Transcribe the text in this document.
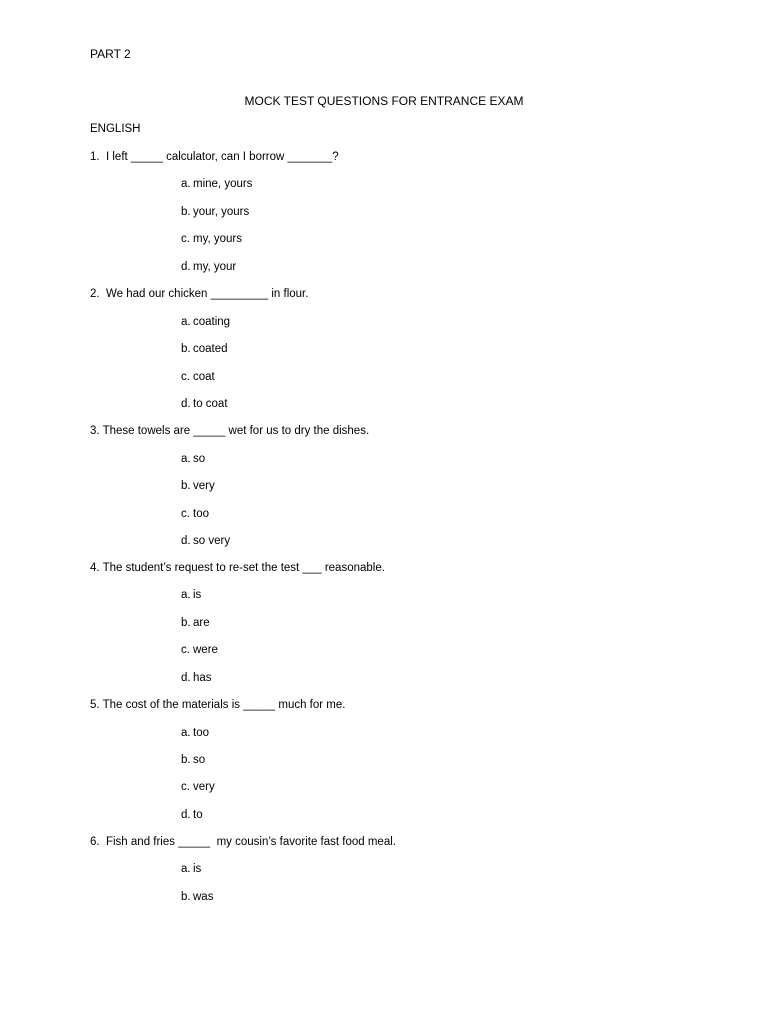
PART 2
MOCK TEST QUESTIONS FOR ENTRANCE EXAM
ENGLISH
1.  I left _____ calculator, can I borrow _______?
a. mine, yours
b. your, yours
c. my, yours
d. my, your
2.  We had our chicken _________ in flour.
a. coating
b. coated
c. coat
d. to coat
3. These towels are _____ wet for us to dry the dishes.
a. so
b. very
c. too
d. so very
4. The student’s request to re-set the test ___ reasonable.
a. is
b. are
c. were
d. has
5. The cost of the materials is _____ much for me.
a. too
b. so
c. very
d. to
6.  Fish and fries _____  my cousin’s favorite fast food meal.
a. is
b. was
